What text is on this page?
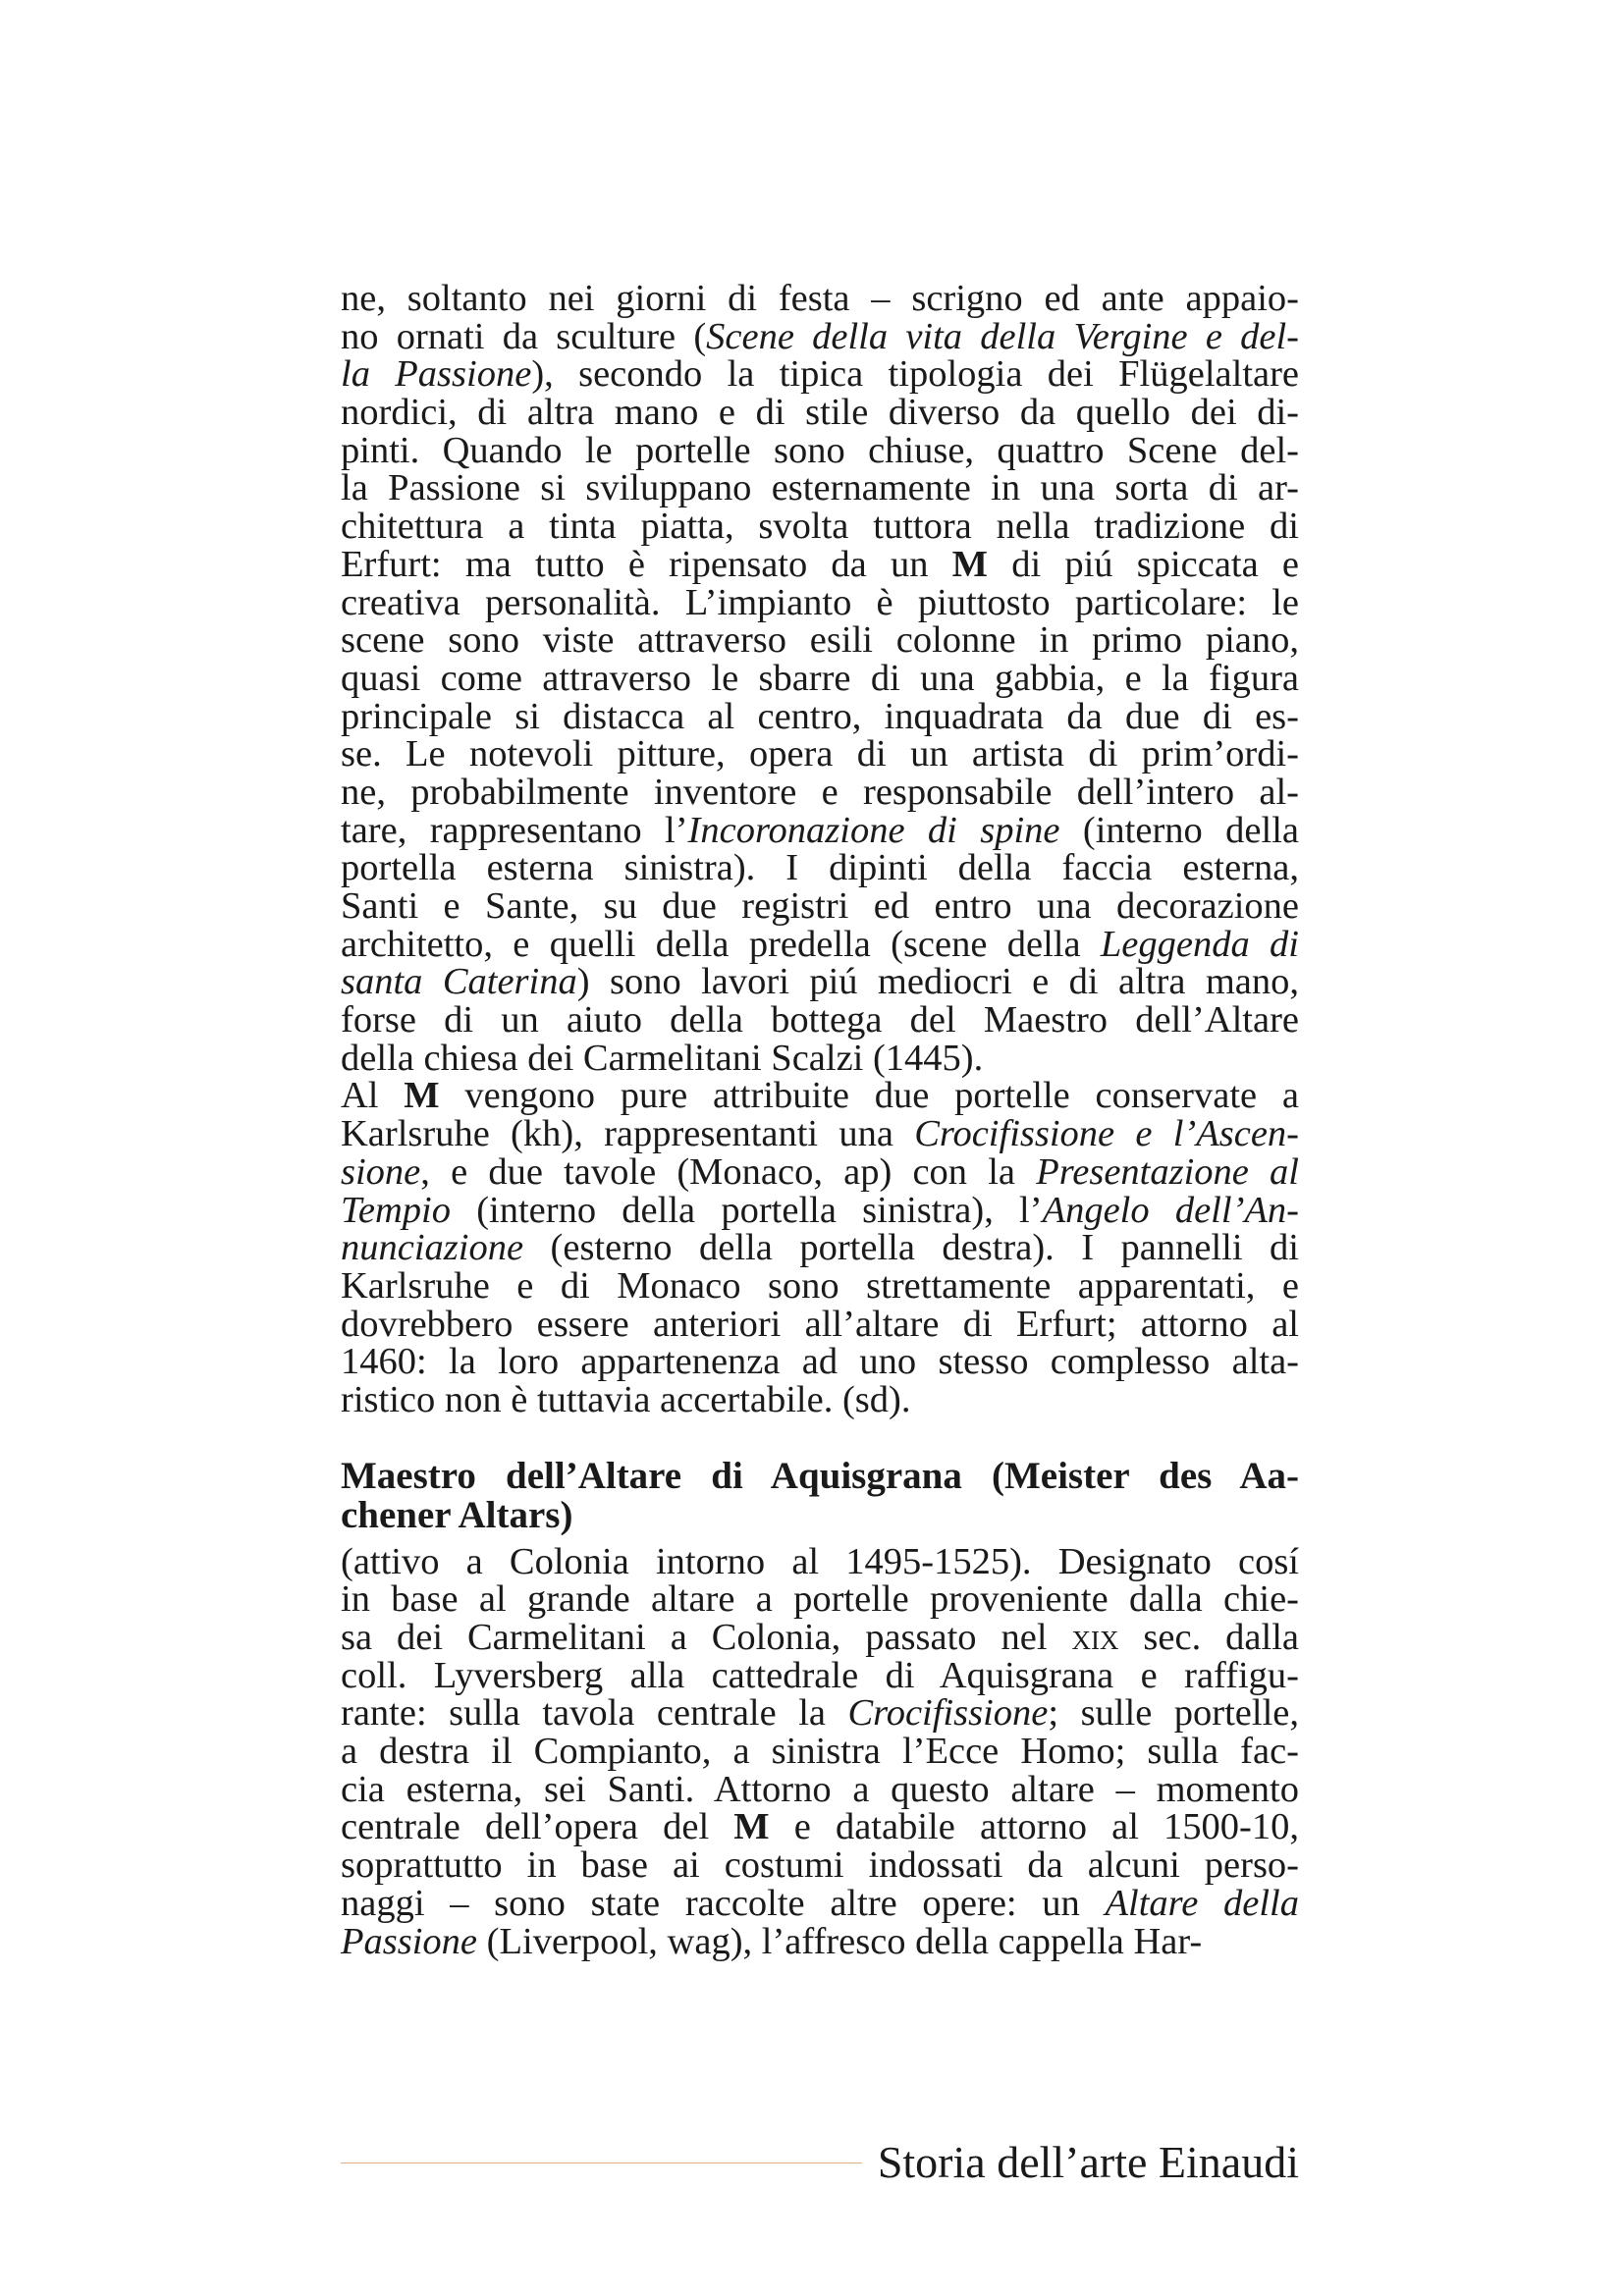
ne, soltanto nei giorni di festa – scrigno ed ante appaio-
no ornati da sculture (Scene della vita della Vergine e del-
la Passione), secondo la tipica tipologia dei Flügelaltare
nordici, di altra mano e di stile diverso da quello dei di-
pinti. Quando le portelle sono chiuse, quattro Scene del-
la Passione si sviluppano esternamente in una sorta di ar-
chitettura a tinta piatta, svolta tuttora nella tradizione di
Erfurt: ma tutto è ripensato da un M di piú spiccata e
creativa personalità. L’impianto è piuttosto particolare: le
scene sono viste attraverso esili colonne in primo piano,
quasi come attraverso le sbarre di una gabbia, e la figura
principale si distacca al centro, inquadrata da due di es-
se. Le notevoli pitture, opera di un artista di prim’ordi-
ne, probabilmente inventore e responsabile dell’intero al-
tare, rappresentano l’Incoronazione di spine (interno della
portella esterna sinistra). I dipinti della faccia esterna,
Santi e Sante, su due registri ed entro una decorazione
architetto, e quelli della predella (scene della Leggenda di
santa Caterina) sono lavori piú mediocri e di altra mano,
forse di un aiuto della bottega del Maestro dell’Altare
della chiesa dei Carmelitani Scalzi (1445).
Al M vengono pure attribuite due portelle conservate a
Karlsruhe (kh), rappresentanti una Crocifissione e l’Ascen-
sione, e due tavole (Monaco, ap) con la Presentazione al
Tempio (interno della portella sinistra), l’Angelo dell’An-
nunciazione (esterno della portella destra). I pannelli di
Karlsruhe e di Monaco sono strettamente apparentati, e
dovrebbero essere anteriori all’altare di Erfurt; attorno al
1460: la loro appartenenza ad uno stesso complesso alta-
ristico non è tuttavia accertabile. (sd).
Maestro dell’Altare di Aquisgrana (Meister des Aa-
chener Altars)
(attivo a Colonia intorno al 1495-1525). Designato cosí
in base al grande altare a portelle proveniente dalla chie-
sa dei Carmelitani a Colonia, passato nel xix sec. dalla
coll. Lyversberg alla cattedrale di Aquisgrana e raffigu-
rante: sulla tavola centrale la Crocifissione; sulle portelle,
a destra il Compianto, a sinistra l’Ecce Homo; sulla fac-
cia esterna, sei Santi. Attorno a questo altare – momento
centrale dell’opera del M e databile attorno al 1500-10,
soprattutto in base ai costumi indossati da alcuni perso-
naggi – sono state raccolte altre opere: un Altare della
Passione (Liverpool, wag), l’affresco della cappella Har-
Storia dell’arte Einaudi
